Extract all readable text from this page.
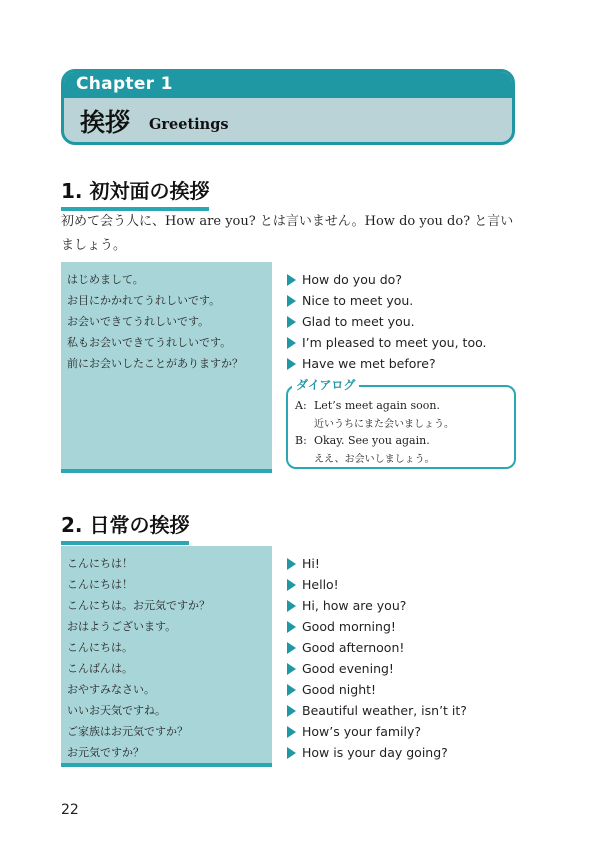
Chapter 1
挨拶 Greetings
1. 初対面の挨拶
初めて会う人に、How are you? とは言いません。How do you do? と言い
ましょう。
はじめまして。
お目にかかれてうれしいです。
お会いできてうれしいです。
私もお会いできてうれしいです。
前にお会いしたことがありますか？
How do you do?
Nice to meet you.
Glad to meet you.
I’m pleased to meet you, too.
Have we met before?
A: Let’s meet again soon.
近いうちにまた会いましょう。
B: Okay. See you again.
ええ、お会いしましょう。
ダイアログ
2. 日常の挨拶
こんにちは！
こんにちは！
こんにちは。お元気ですか？
おはようございます。
こんにちは。
こんばんは。
おやすみなさい。
いいお天気ですね。
ご家族はお元気ですか？
お元気ですか？
Hi!
Hello!
Hi, how are you?
Good morning!
Good afternoon!
Good evening!
Good night!
Beautiful weather, isn’t it?
How’s your family?
How is your day going?
22
